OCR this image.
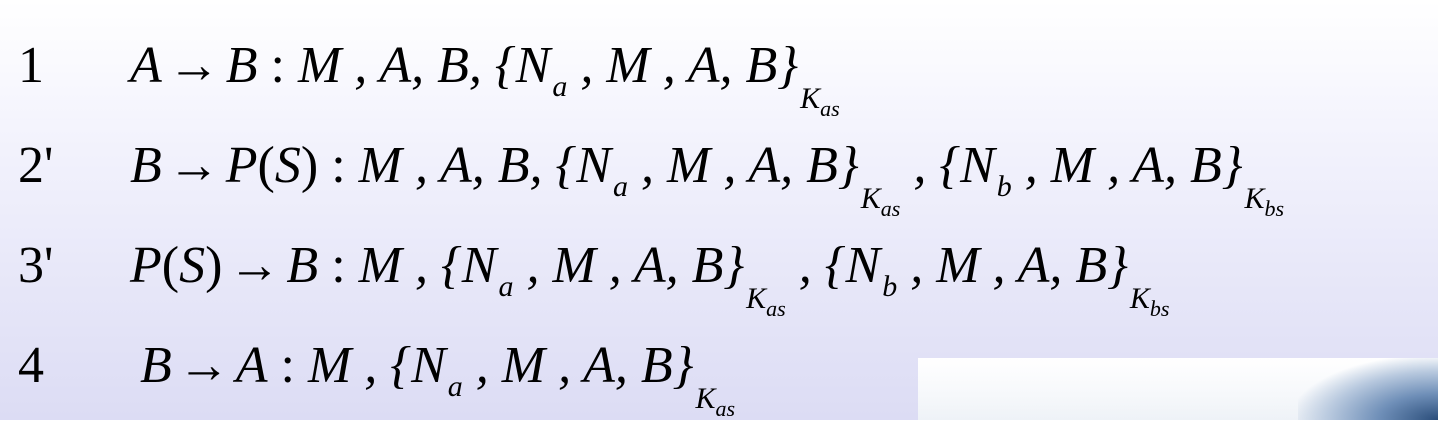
1 A → B : M , A, B, {$N_a$ , M , A, $B\}_{K_{as}}$
2' B → P(S) : M , A, B, {$N_a$ , M , A, $B\}_{K_{as}}$ , {$N_b$ , M , A, $B\}_{K_{bs}}$
3' P(S) → B : M , {$N_a$ , M , A, $B\}_{K_{as}}$ , {$N_b$ , M , A, $B\}_{K_{bs}}$
4 B → A : M , {$N_a$ , M , A, $B\}_{K_{as}}$
